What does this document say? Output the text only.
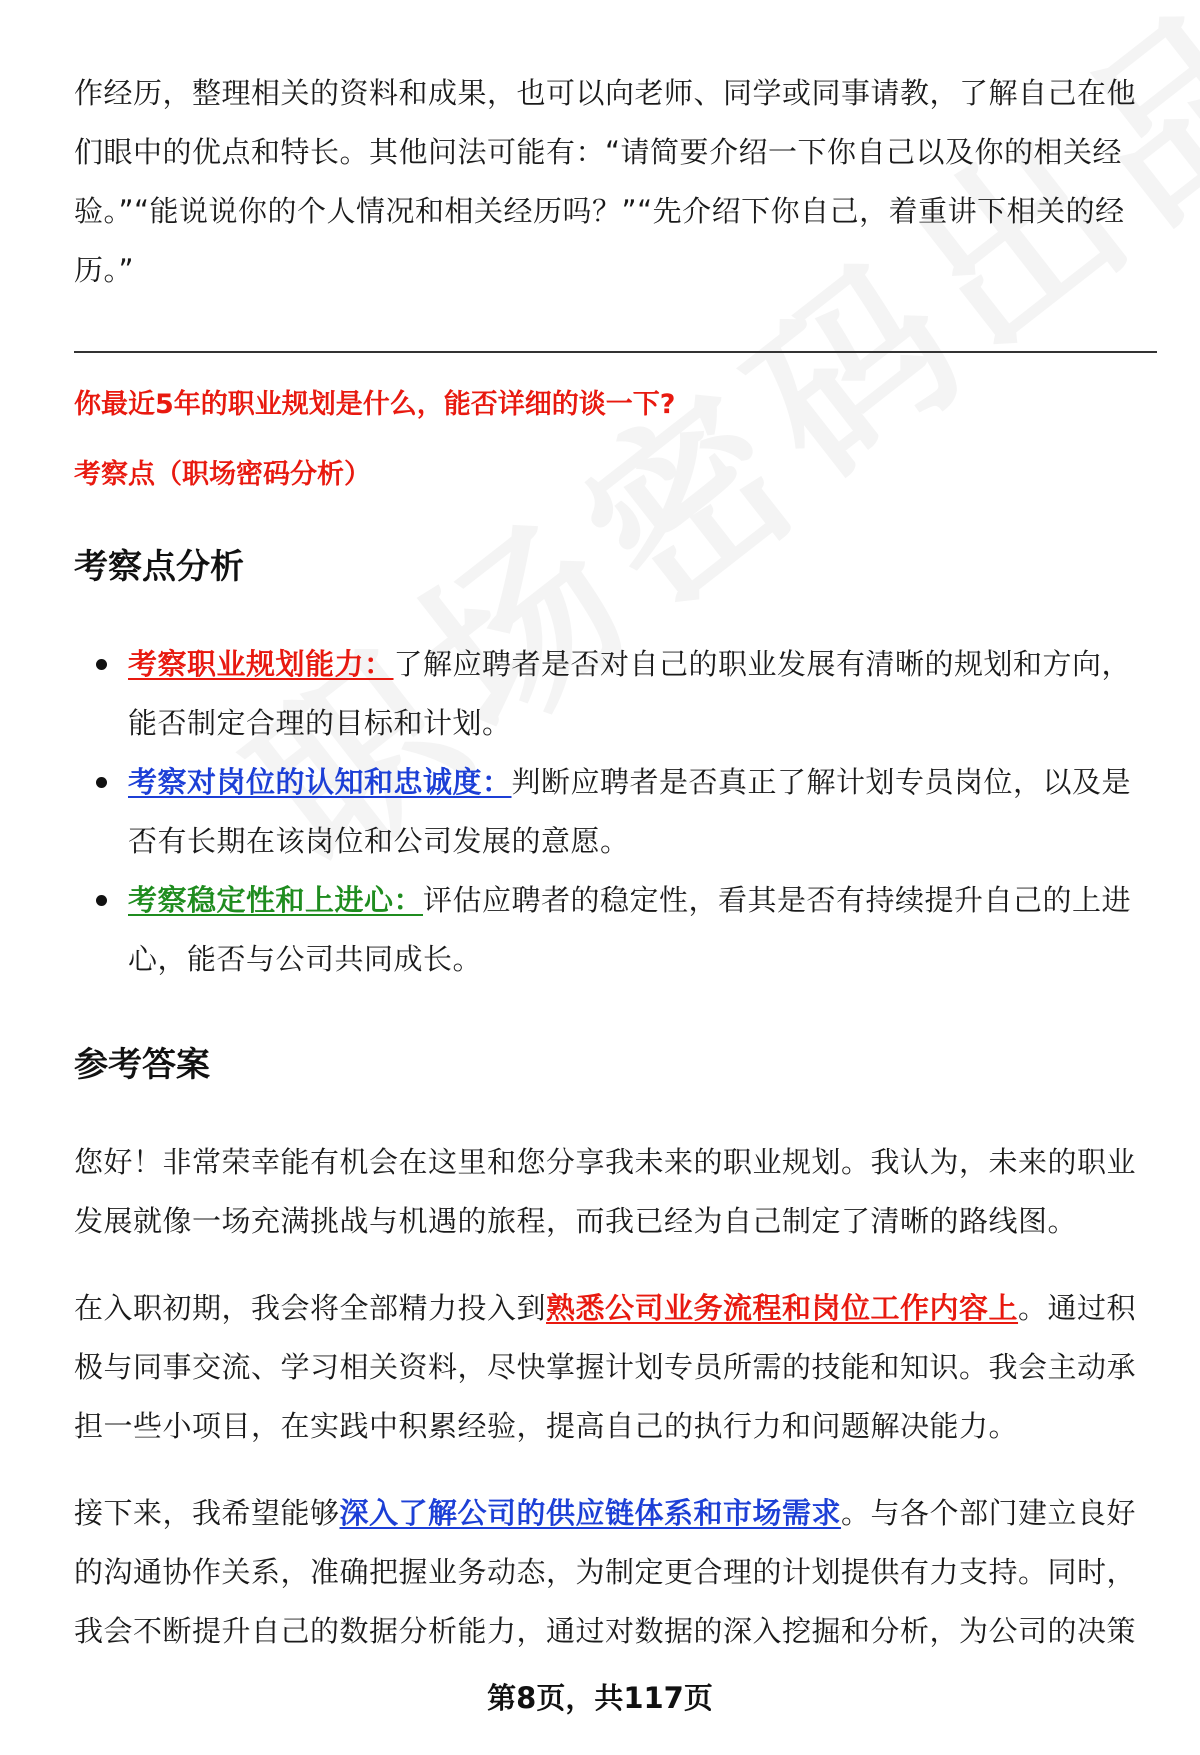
作经历，整理相关的资料和成果，也可以向老师、同学或同事请教，了解自己在他们眼中的优点和特长。其他问法可能有：“请简要介绍一下你自己以及你的相关经验。”“能说说你的个人情况和相关经历吗？”“先介绍下你自己，着重讲下相关的经历。”

你最近5年的职业规划是什么，能否详细的谈一下?

考察点（职场密码分析）

考察点分析
考察职业规划能力：了解应聘者是否对自己的职业发展有清晰的规划和方向，能否制定合理的目标和计划。
考察对岗位的认知和忠诚度：判断应聘者是否真正了解计划专员岗位，以及是否有长期在该岗位和公司发展的意愿。
考察稳定性和上进心：评估应聘者的稳定性，看其是否有持续提升自己的上进心，能否与公司共同成长。
参考答案

您好！非常荣幸能有机会在这里和您分享我未来的职业规划。我认为，未来的职业发展就像一场充满挑战与机遇的旅程，而我已经为自己制定了清晰的路线图。

在入职初期，我会将全部精力投入到熟悉公司业务流程和岗位工作内容上。通过积极与同事交流、学习相关资料，尽快掌握计划专员所需的技能和知识。我会主动承担一些小项目，在实践中积累经验，提高自己的执行力和问题解决能力。

接下来，我希望能够深入了解公司的供应链体系和市场需求。与各个部门建立良好的沟通协作关系，准确把握业务动态，为制定更合理的计划提供有力支持。同时，我会不断提升自己的数据分析能力，通过对数据的深入挖掘和分析，为公司的决策

第8页，共117页
